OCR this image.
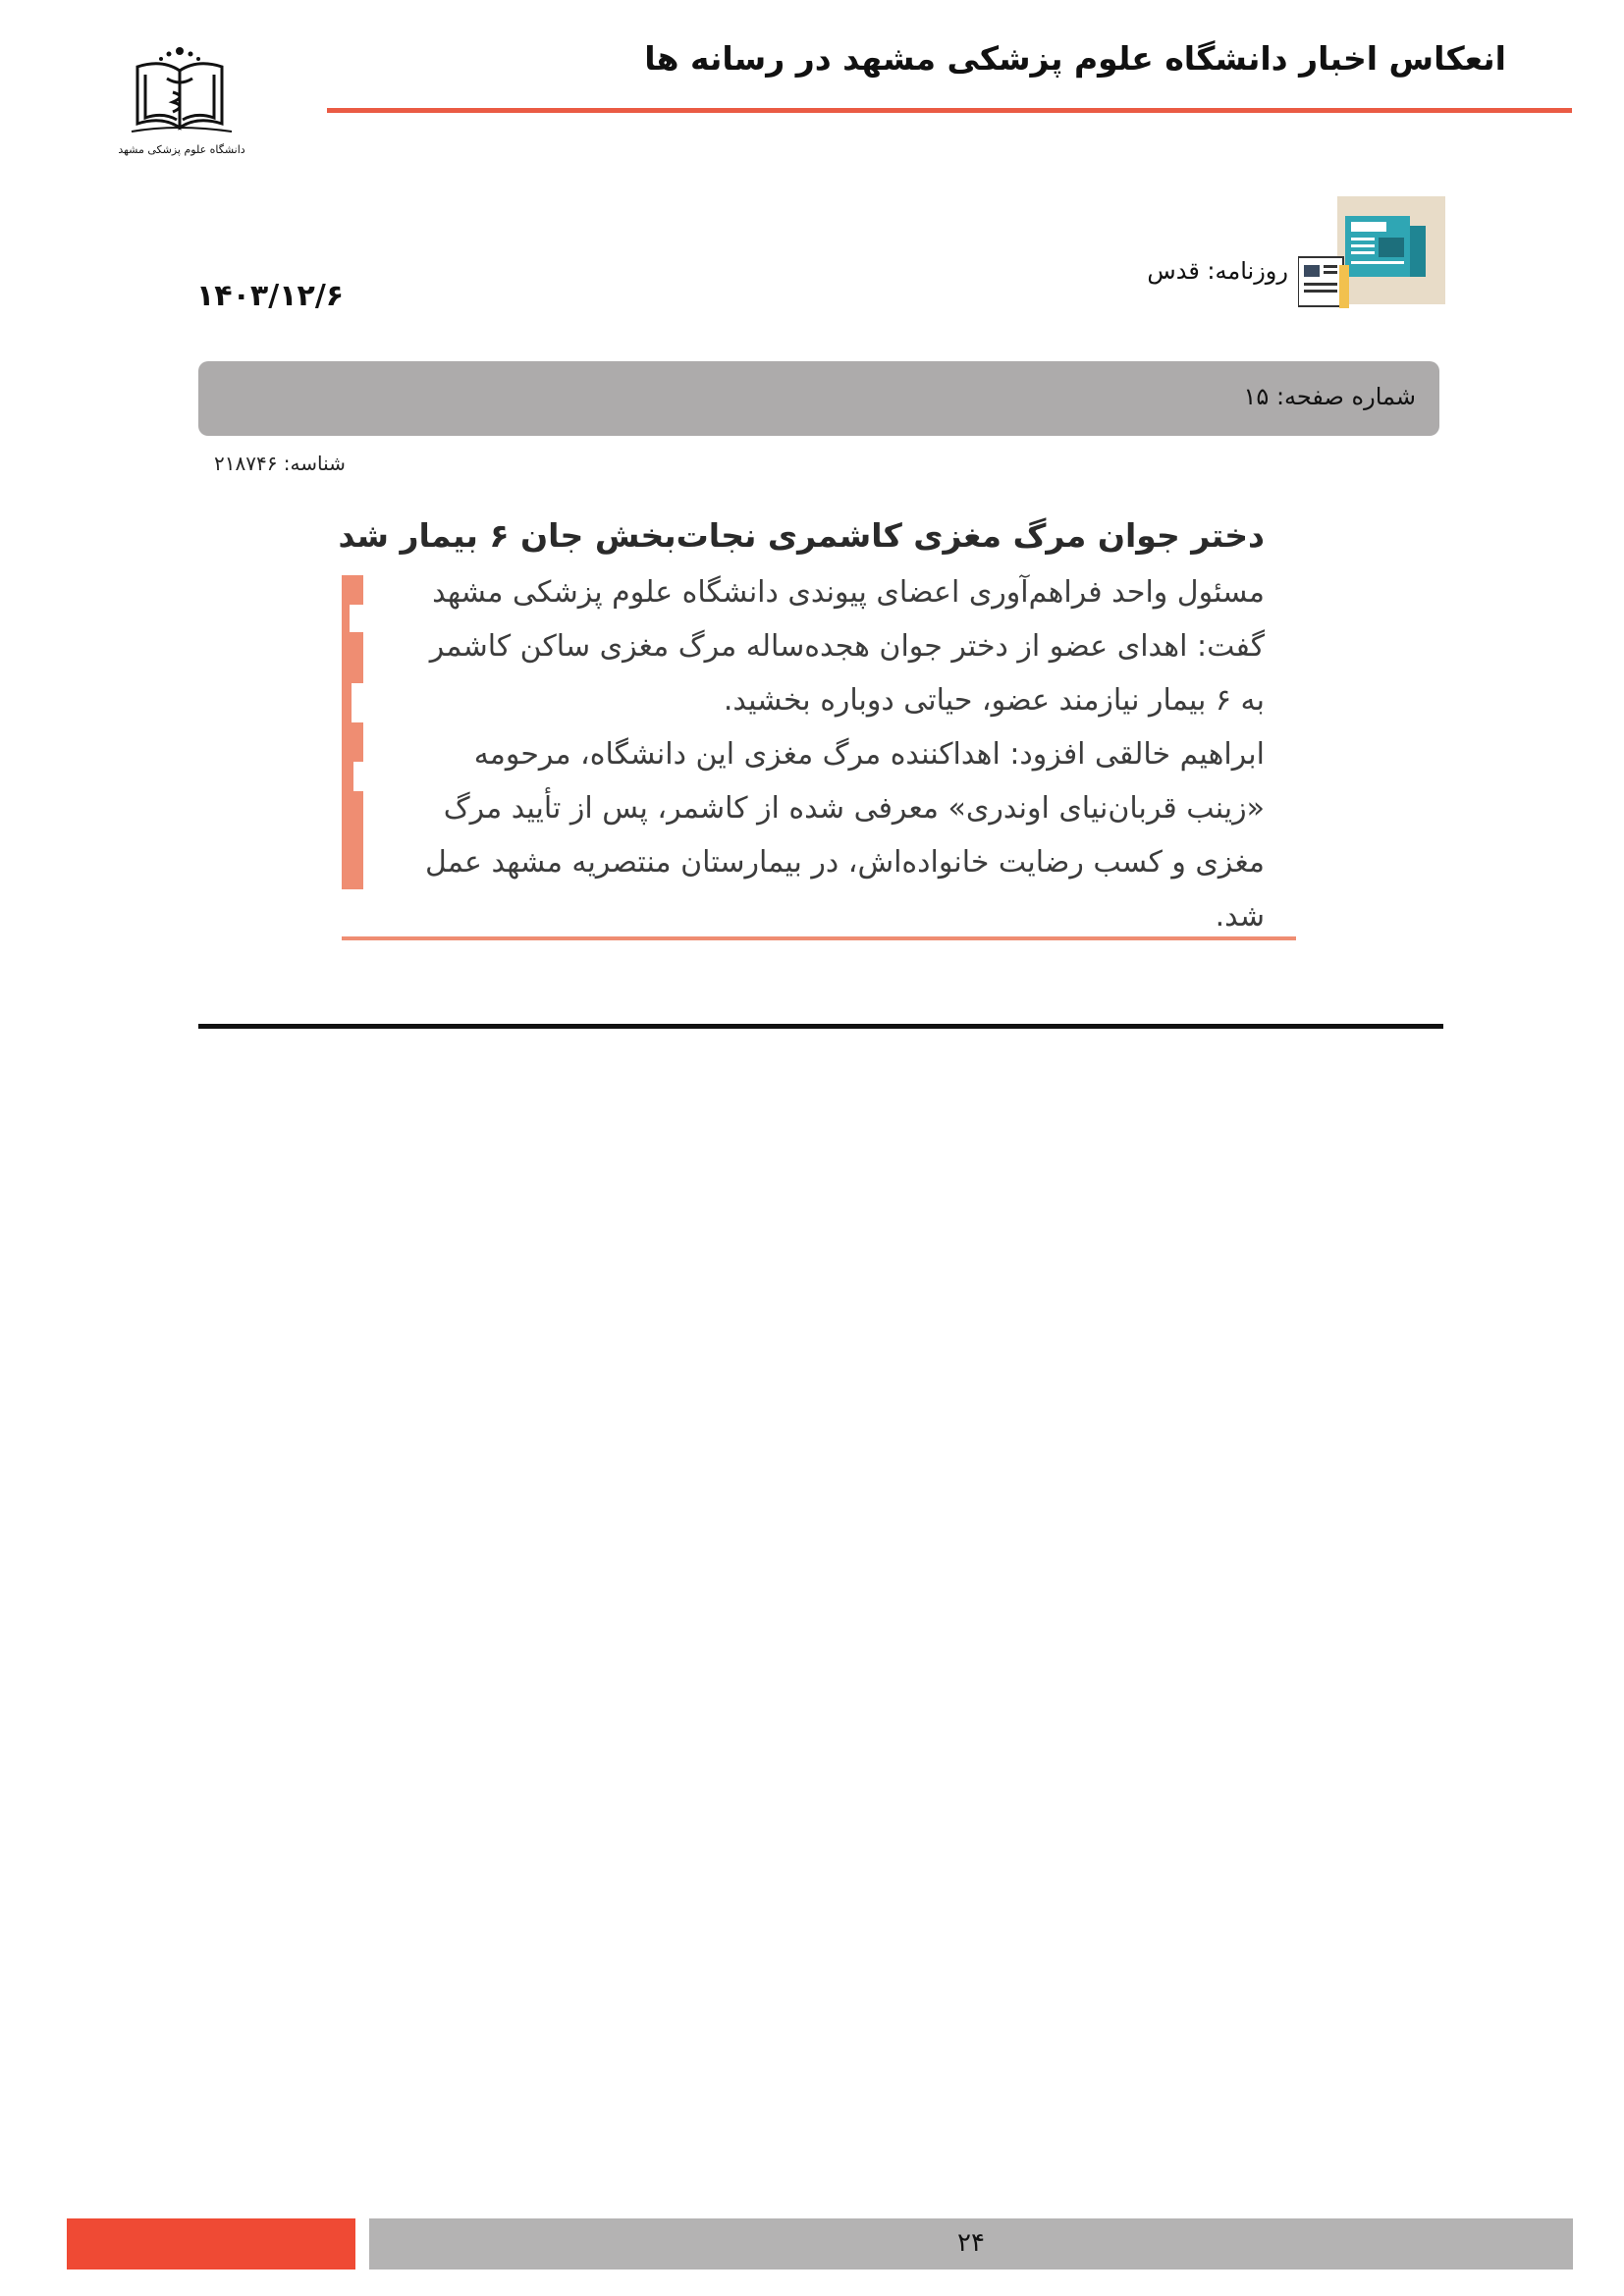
دانشگاه علوم پزشکی مشهد
انعکاس اخبار دانشگاه علوم پزشکی مشهد در رسانه ها
روزنامه: قدس
۱۴۰۳/۱۲/۶
شماره صفحه: ۱۵
شناسه: ۲۱۸۷۴۶
دختر جوان مرگ مغزی کاشمری نجات‌بخش جان ۶ بیمار شد

مسئول واحد فراهم‌آوری اعضای پیوندی دانشگاه علوم پزشکی مشهد گفت: اهدای عضو از دختر جوان هجده‌ساله مرگ مغزی ساکن کاشمر به ۶ بیمار نیازمند عضو، حیاتی دوباره بخشید.

ابراهیم خالقی افزود: اهداکننده مرگ مغزی این دانشگاه، مرحومه «زینب قربان‌نیای اوندری» معرفی شده از کاشمر، پس از تأیید مرگ مغزی و کسب رضایت خانواده‌اش، در بیمارستان منتصریه مشهد عمل شد.

۲۴
